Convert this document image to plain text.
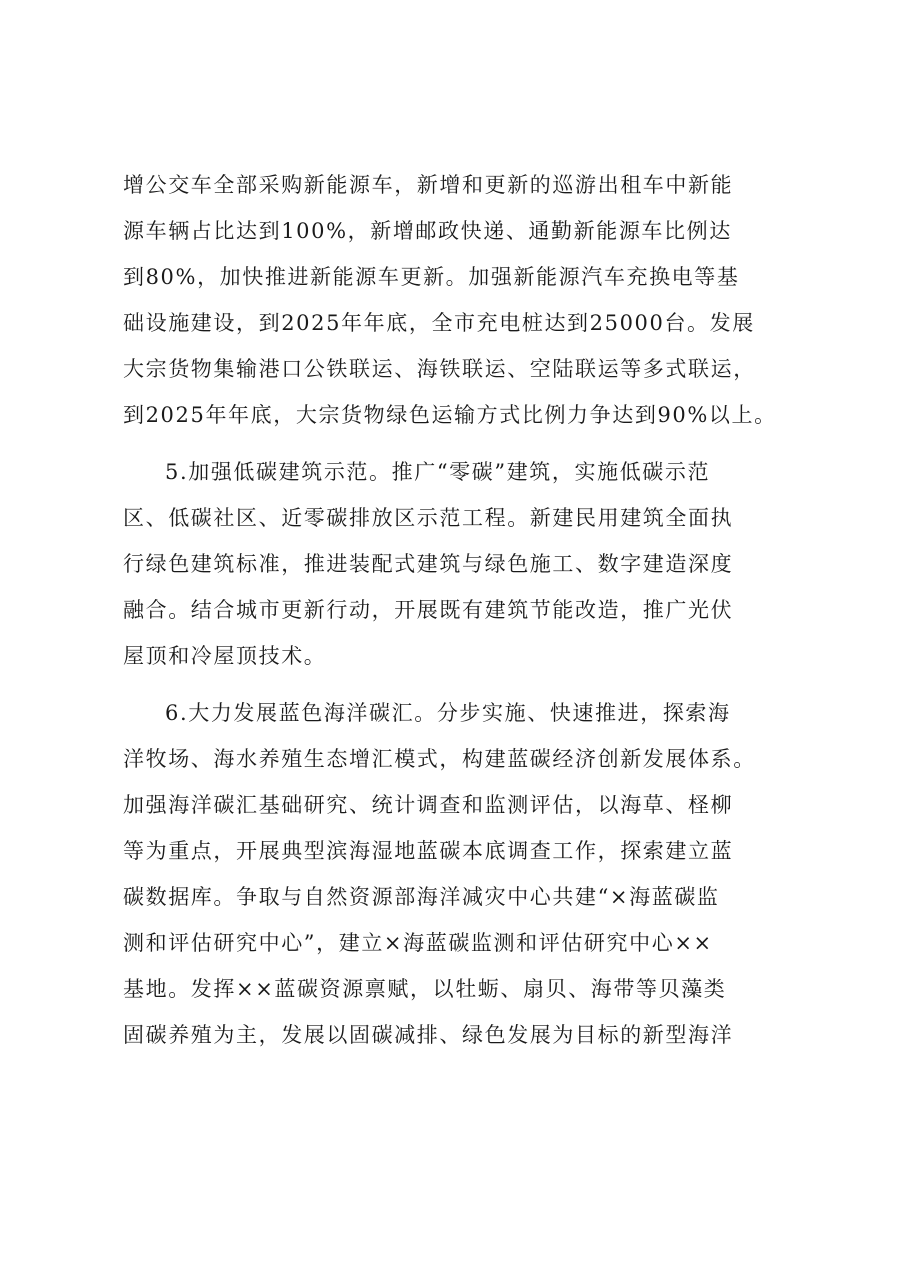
增公交车全部采购新能源车，新增和更新的巡游出租车中新能
源车辆占比达到100%，新增邮政快递、通勤新能源车比例达
到80%，加快推进新能源车更新。加强新能源汽车充换电等基
础设施建设，到2025年年底，全市充电桩达到25000台。发展
大宗货物集输港口公铁联运、海铁联运、空陆联运等多式联运，
到2025年年底，大宗货物绿色运输方式比例力争达到90%以上。
5.加强低碳建筑示范。推广“零碳”建筑，实施低碳示范
区、低碳社区、近零碳排放区示范工程。新建民用建筑全面执
行绿色建筑标准，推进装配式建筑与绿色施工、数字建造深度
融合。结合城市更新行动，开展既有建筑节能改造，推广光伏
屋顶和冷屋顶技术。
6.大力发展蓝色海洋碳汇。分步实施、快速推进，探索海
洋牧场、海水养殖生态增汇模式，构建蓝碳经济创新发展体系。
加强海洋碳汇基础研究、统计调查和监测评估，以海草、柽柳
等为重点，开展典型滨海湿地蓝碳本底调查工作，探索建立蓝
碳数据库。争取与自然资源部海洋减灾中心共建“×海蓝碳监
测和评估研究中心”，建立×海蓝碳监测和评估研究中心××
基地。发挥××蓝碳资源禀赋，以牡蛎、扇贝、海带等贝藻类
固碳养殖为主，发展以固碳减排、绿色发展为目标的新型海洋
